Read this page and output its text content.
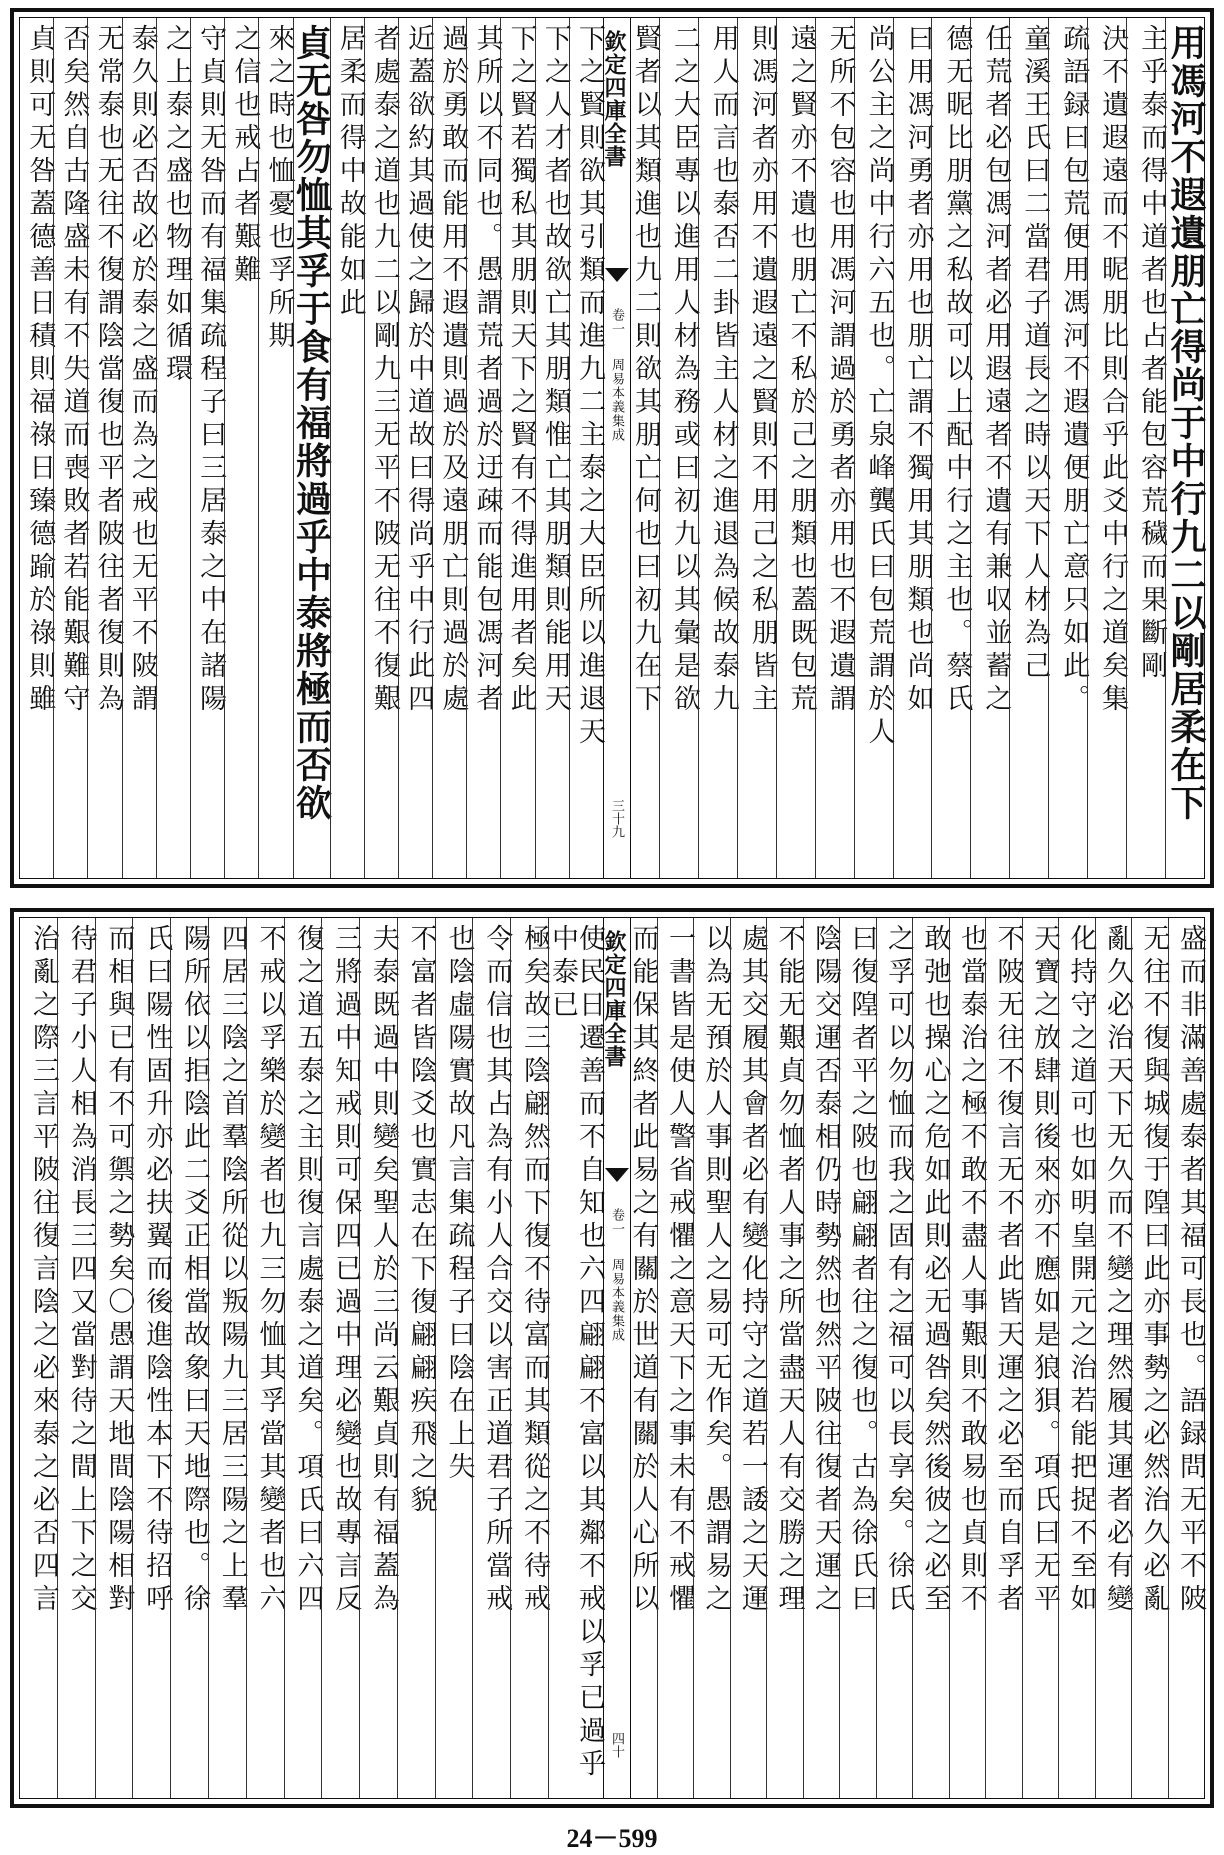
用馮河不遐遺朋亡得尚于中行九二以剛居柔在下
主乎泰而得中道者也占者能包容荒穢而果斷剛
決不遺遐遠而不昵朋比則合乎此爻中行之道矣集
疏語録曰包荒便用馮河不遐遺便朋亡意只如此。
童溪王氏曰二當君子道長之時以天下人材為己
任荒者必包馮河者必用遐遠者不遺有兼収並蓄之
德无昵比朋黨之私故可以上配中行之主也。蔡氏
曰用馮河勇者亦用也朋亡謂不獨用其朋類也尚如
尚公主之尚中行六五也。亡泉峰龔氏曰包荒謂於人
无所不包容也用馮河謂過於勇者亦用也不遐遺謂
遠之賢亦不遺也朋亡不私於己之朋類也蓋既包荒
則馮河者亦用不遺遐遠之賢則不用己之私朋皆主
用人而言也泰否二卦皆主人材之進退為候故泰九
二之大臣專以進用人材為務或曰初九以其彙是欲
賢者以其類進也九二則欲其朋亡何也曰初九在下
欽定四庫全書
卷一
周易本義集成
三十九
下之賢則欲其引類而進九二主泰之大臣所以進退天
下之人才者也故欲亡其朋類惟亡其朋類則能用天
下之賢若獨私其朋則天下之賢有不得進用者矣此
其所以不同也。愚謂荒者過於迂疎而能包馮河者
過於勇敢而能用不遐遺則過於及遠朋亡則過於處
近蓋欲約其過使之歸於中道故曰得尚乎中行此四
者處泰之道也九二以剛九三无平不陂无往不復艱
居柔而得中故能如此
貞无咎勿恤其孚于食有福將過乎中泰將極而否欲
來之時也恤憂也孚所期
之信也戒占者艱難
守貞則无咎而有福集疏程子曰三居泰之中在諸陽
之上泰之盛也物理如循環
泰久則必否故必於泰之盛而為之戒也无平不陂謂
无常泰也无往不復謂陰當復也平者陂往者復則為
否矣然自古隆盛未有不失道而喪敗者若能艱難守
貞則可无咎蓋德善日積則福祿日臻德踰於祿則雖
盛而非滿善處泰者其福可長也。語録問无平不陂
无往不復與城復于隍曰此亦事勢之必然治久必亂
亂久必治天下无久而不變之理然履其運者必有變
化持守之道可也如明皇開元之治若能把捉不至如
天寶之放肆則後來亦不應如是狼狽。項氏曰无平
不陂无往不復言无不者此皆天運之必至而自孚者
也當泰治之極不敢不盡人事艱則不敢易也貞則不
敢弛也操心之危如此則必无過咎矣然後彼之必至
之孚可以勿恤而我之固有之福可以長享矣。徐氏
曰復隍者平之陂也翩翩者往之復也。古為徐氏曰
陰陽交運否泰相仍時勢然也然平陂往復者天運之
不能无艱貞勿恤者人事之所當盡天人有交勝之理
處其交履其會者必有變化持守之道若一諉之天運
以為无預於人事則聖人之易可无作矣。愚謂易之
一書皆是使人警省戒懼之意天下之事未有不戒懼
而能保其終者此易之有關於世道有關於人心所以
欽定四庫全書
卷一
周易本義集成
四十
使民日遷善而不自知也六四翩翩不富以其鄰不戒以孚已過乎中泰已
極矣故三陰翩然而下復不待富而其類從之不待戒
令而信也其占為有小人合交以害正道君子所當戒
也陰虛陽實故凡言集疏程子曰陰在上失
不富者皆陰爻也實志在下復翩翩疾飛之貌
夫泰既過中則變矣聖人於三尚云艱貞則有福蓋為
三將過中知戒則可保四已過中理必變也故專言反
復之道五泰之主則復言處泰之道矣。項氏曰六四
不戒以孚樂於變者也九三勿恤其孚當其變者也六
四居三陰之首羣陰所從以叛陽九三居三陽之上羣
陽所依以拒陰此二爻正相當故象曰天地際也。徐
氏曰陽性固升亦必扶翼而後進陰性本下不待招呼
而相與已有不可禦之勢矣〇愚謂天地間陰陽相對
待君子小人相為消長三四又當對待之間上下之交
治亂之際三言平陂往復言陰之必來泰之必否四言
24－599
